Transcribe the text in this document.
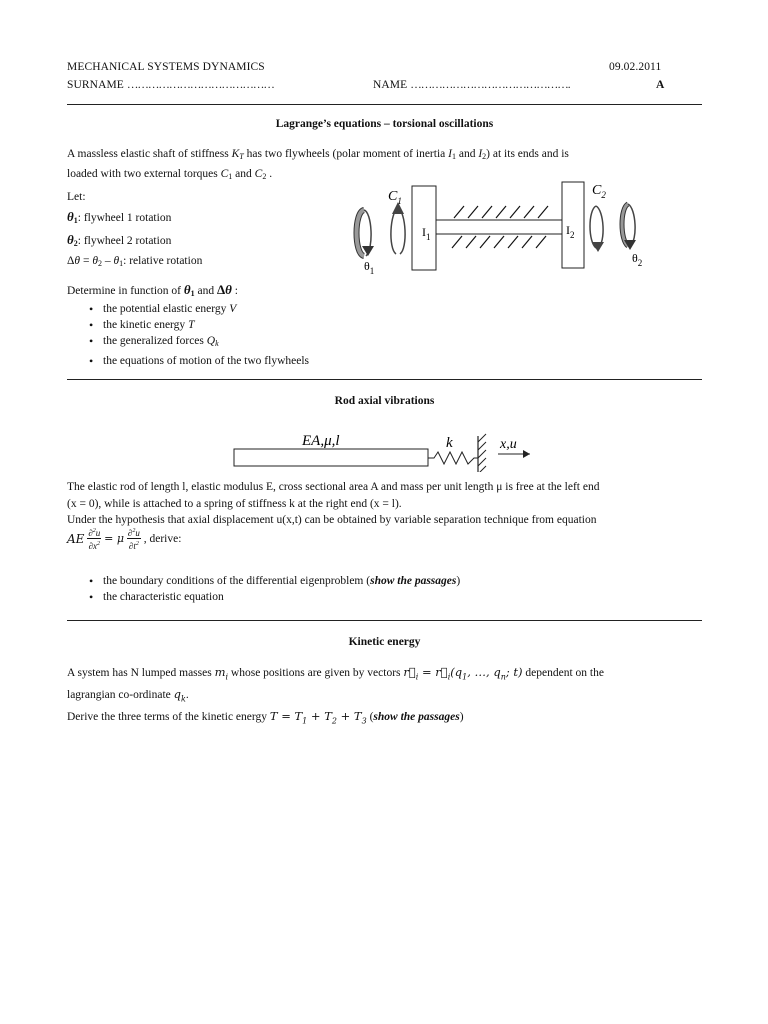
MECHANICAL SYSTEMS DYNAMICS	09.02.2011
SURNAME ……………………………………	NAME ……………………………………….	A
Lagrange’s equations – torsional oscillations

A massless elastic shaft of stiffness $K_T$ has two flywheels (polar moment of inertia $I_1$ and $I_2$) at its ends and is

loaded with two external torques $C_1$ and $C_2$ .

Let:
$\theta_1$: flywheel 1 rotation
$\theta_2$: flywheel 2 rotation
$\Delta\theta = \theta_2 - \theta_1$: relative rotation
$C_1$
$\theta_1$
$I_1$	$I_2$
$C_2$
$\theta_2$

Determine in function of $\theta_1$ and Δθ :

• the potential elastic energy V
• the kinetic energy T
• the generalized forces $Q_k$
• the equations of motion of the two flywheels
Rod axial vibrations
EA,μ,l	k	x,u

The elastic rod of length l, elastic modulus E, cross sectional area A and mass per unit length μ is free at the left end

(x = 0), while is attached to a spring of stiffness k at the right end (x = l).

Under the hypothesis that axial displacement u(x,t) can be obtained by variable separation technique from equation

AE $\frac{\partial^2u}{\partial x^2} = \mu \frac{\partial^2u}{\partial t^2}$ , derive:
• the boundary conditions of the differential eigenproblem (show the passages)
• the characteristic equation
Kinetic energy

A system has N lumped masses $m_i$ whose positions are given by vectors $r⃗_i$ = $r⃗_i(q_1$, …, $q_n$; t) dependent on the

lagrangian co-ordinate $q_k$.

Derive the three terms of the kinetic energy $T = T_1 + T_2 + T_3$ (show the passages)
